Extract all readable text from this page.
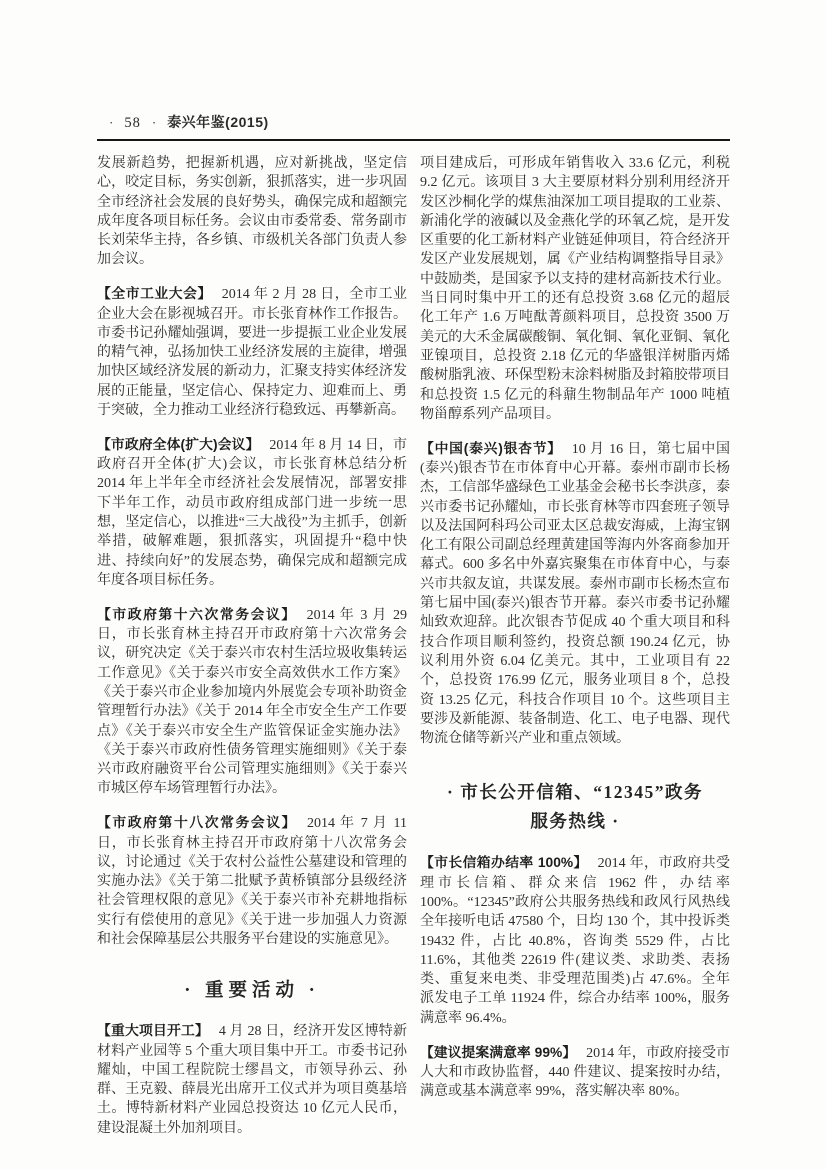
· 58 · 泰兴年鉴(2015)

发展新趋势，把握新机遇，应对新挑战，坚定信心，咬定目标，务实创新，狠抓落实，进一步巩固全市经济社会发展的良好势头，确保完成和超额完成年度各项目标任务。会议由市委常委、常务副市长刘荣华主持，各乡镇、市级机关各部门负责人参加会议。

【全市工业大会】 2014 年 2 月 28 日，全市工业企业大会在影视城召开。市长张育林作工作报告。市委书记孙耀灿强调，要进一步提振工业企业发展的精气神，弘扬加快工业经济发展的主旋律，增强加快区域经济发展的新动力，汇聚支持实体经济发展的正能量，坚定信心、保持定力、迎难而上、勇于突破，全力推动工业经济行稳致远、再攀新高。

【市政府全体(扩大)会议】 2014 年 8 月 14 日，市政府召开全体(扩大)会议，市长张育林总结分析 2014 年上半年全市经济社会发展情况，部署安排下半年工作，动员市政府组成部门进一步统一思想，坚定信心，以推进“三大战役”为主抓手，创新举措，破解难题，狠抓落实，巩固提升“稳中快进、持续向好”的发展态势，确保完成和超额完成年度各项目标任务。

【市政府第十六次常务会议】 2014 年 3 月 29 日，市长张育林主持召开市政府第十六次常务会议，研究决定《关于泰兴市农村生活垃圾收集转运工作意见》《关于泰兴市安全高效供水工作方案》《关于泰兴市企业参加境内外展览会专项补助资金管理暂行办法》《关于 2014 年全市安全生产工作要点》《关于泰兴市安全生产监管保证金实施办法》《关于泰兴市政府性债务管理实施细则》《关于泰兴市政府融资平台公司管理实施细则》《关于泰兴市城区停车场管理暂行办法》。

【市政府第十八次常务会议】 2014 年 7 月 11 日，市长张育林主持召开市政府第十八次常务会议，讨论通过《关于农村公益性公墓建设和管理的实施办法》《关于第二批赋予黄桥镇部分县级经济社会管理权限的意见》《关于泰兴市补充耕地指标实行有偿使用的意见》《关于进一步加强人力资源和社会保障基层公共服务平台建设的实施意见》。

· 重要活动 ·

【重大项目开工】 4 月 28 日，经济开发区博特新材料产业园等 5 个重大项目集中开工。市委书记孙耀灿，中国工程院院士缪昌文，市领导孙云、孙群、王克毅、薛晨光出席开工仪式并为项目奠基培土。博特新材料产业园总投资达 10 亿元人民币，建设混凝土外加剂项目。

项目建成后，可形成年销售收入 33.6 亿元，利税 9.2 亿元。该项目 3 大主要原材料分别利用经济开发区沙桐化学的煤焦油深加工项目提取的工业萘、新浦化学的液碱以及金燕化学的环氧乙烷，是开发区重要的化工新材料产业链延伸项目，符合经济开发区产业发展规划，属《产业结构调整指导目录》中鼓励类，是国家予以支持的建材高新技术行业。当日同时集中开工的还有总投资 3.68 亿元的超辰化工年产 1.6 万吨酞菁颜料项目，总投资 3500 万美元的大禾金属碳酸铜、氧化铜、氧化亚铜、氧化亚镍项目，总投资 2.18 亿元的华盛银洋树脂丙烯酸树脂乳液、环保型粉末涂料树脂及封箱胶带项目和总投资 1.5 亿元的科鼐生物制品年产 1000 吨植物甾醇系列产品项目。

【中国(泰兴)银杏节】 10 月 16 日，第七届中国(泰兴)银杏节在市体育中心开幕。泰州市副市长杨杰，工信部华盛绿色工业基金会秘书长李洪彦，泰兴市委书记孙耀灿，市长张育林等市四套班子领导以及法国阿科玛公司亚太区总裁安海威，上海宝钢化工有限公司副总经理黄建国等海内外客商参加开幕式。600 多名中外嘉宾聚集在市体育中心，与泰兴市共叙友谊，共谋发展。泰州市副市长杨杰宣布第七届中国(泰兴)银杏节开幕。泰兴市委书记孙耀灿致欢迎辞。此次银杏节促成 40 个重大项目和科技合作项目顺利签约，投资总额 190.24 亿元，协议利用外资 6.04 亿美元。其中，工业项目有 22 个，总投资 176.99 亿元，服务业项目 8 个，总投资 13.25 亿元，科技合作项目 10 个。这些项目主要涉及新能源、装备制造、化工、电子电器、现代物流仓储等新兴产业和重点领域。

· 市长公开信箱、“12345”政务
服务热线 ·

【市长信箱办结率 100%】 2014 年，市政府共受理市长信箱、群众来信 1962 件，办结率 100%。“12345”政府公共服务热线和政风行风热线全年接听电话 47580 个，日均 130 个，其中投诉类 19432 件，占比 40.8%，咨询类 5529 件，占比 11.6%，其他类 22619 件(建议类、求助类、表扬类、重复来电类、非受理范围类)占 47.6%。全年派发电子工单 11924 件，综合办结率 100%，服务满意率 96.4%。

【建议提案满意率 99%】 2014 年，市政府接受市人大和市政协监督，440 件建议、提案按时办结，满意或基本满意率 99%，落实解决率 80%。
